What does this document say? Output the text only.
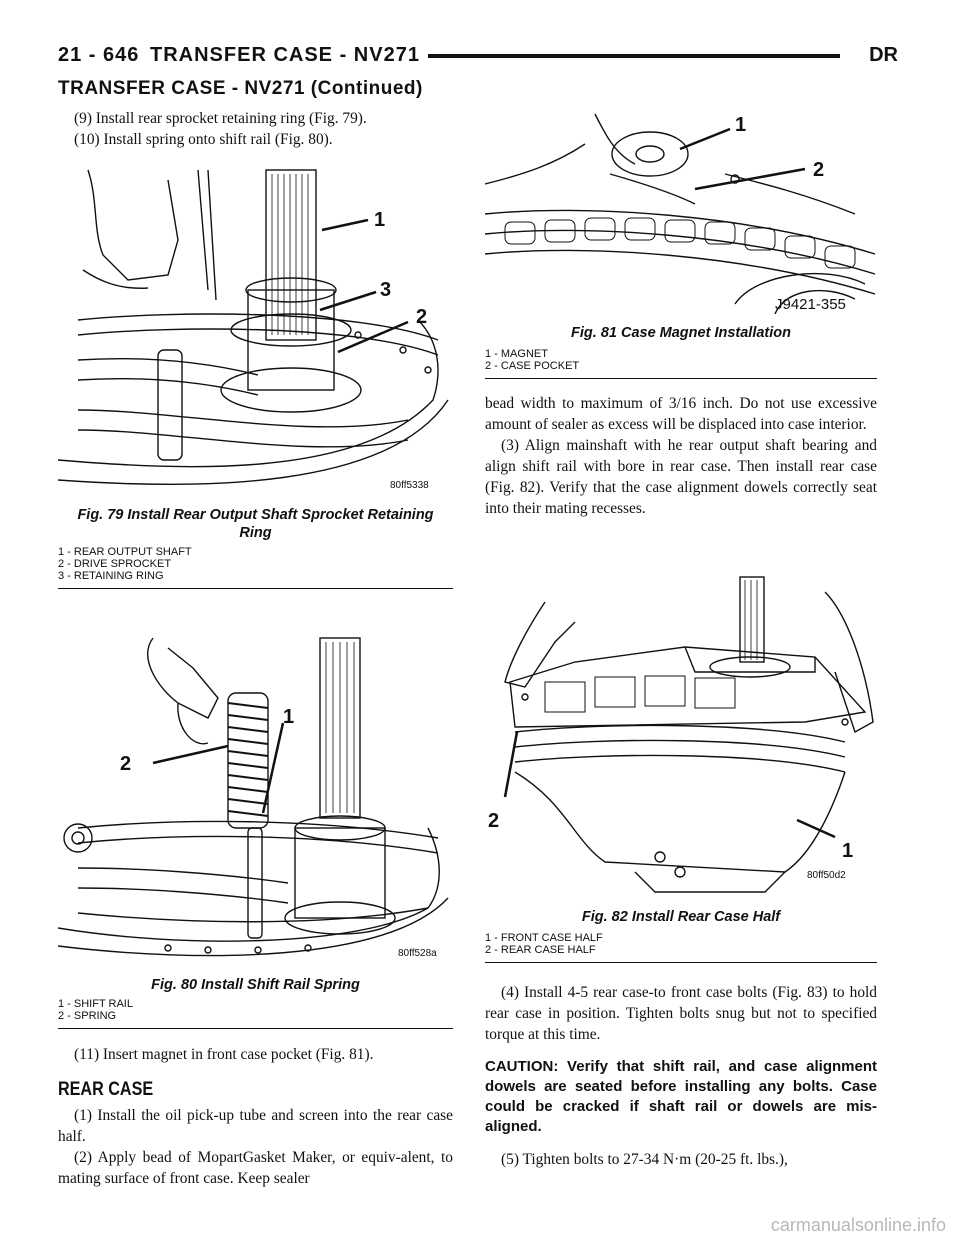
21 - 646 TRANSFER CASE - NV271	DR
TRANSFER CASE - NV271 (Continued)

(9) Install rear sprocket retaining ring (Fig. 79).

(10) Install spring onto shift rail (Fig. 80).

1
3
2
80ff5338
Fig. 79 Install Rear Output Shaft Sprocket Retaining Ring
1 - REAR OUTPUT SHAFT
2 - DRIVE SPROCKET
3 - RETAINING RING
1
2
80ff528a
Fig. 80 Install Shift Rail Spring
1 - SHIFT RAIL
2 - SPRING

(11) Insert magnet in front case pocket (Fig. 81).

REAR CASE

(1) Install the oil pick-up tube and screen into the rear case half.

(2) Apply bead of MopartGasket Maker, or equiv-alent, to mating surface of front case. Keep sealer

1
2
J9421-355
Fig. 81 Case Magnet Installation
1 - MAGNET
2 - CASE POCKET

bead width to maximum of 3/16 inch. Do not use excessive amount of sealer as excess will be displaced into case interior.

(3) Align mainshaft with he rear output shaft bearing and align shift rail with bore in rear case. Then install rear case (Fig. 82). Verify that the case alignment dowels correctly seat into their mating recesses.

2
1
80ff50d2
Fig. 82 Install Rear Case Half
1 - FRONT CASE HALF
2 - REAR CASE HALF

(4) Install 4-5 rear case-to front case bolts (Fig. 83) to hold rear case in position. Tighten bolts snug but not to specified torque at this time.

CAUTION: Verify that shift rail, and case alignment dowels are seated before installing any bolts. Case could be cracked if shaft rail or dowels are mis-aligned.

(5) Tighten bolts to 27-34 N·m (20-25 ft. lbs.),

carmanualsonline.info
